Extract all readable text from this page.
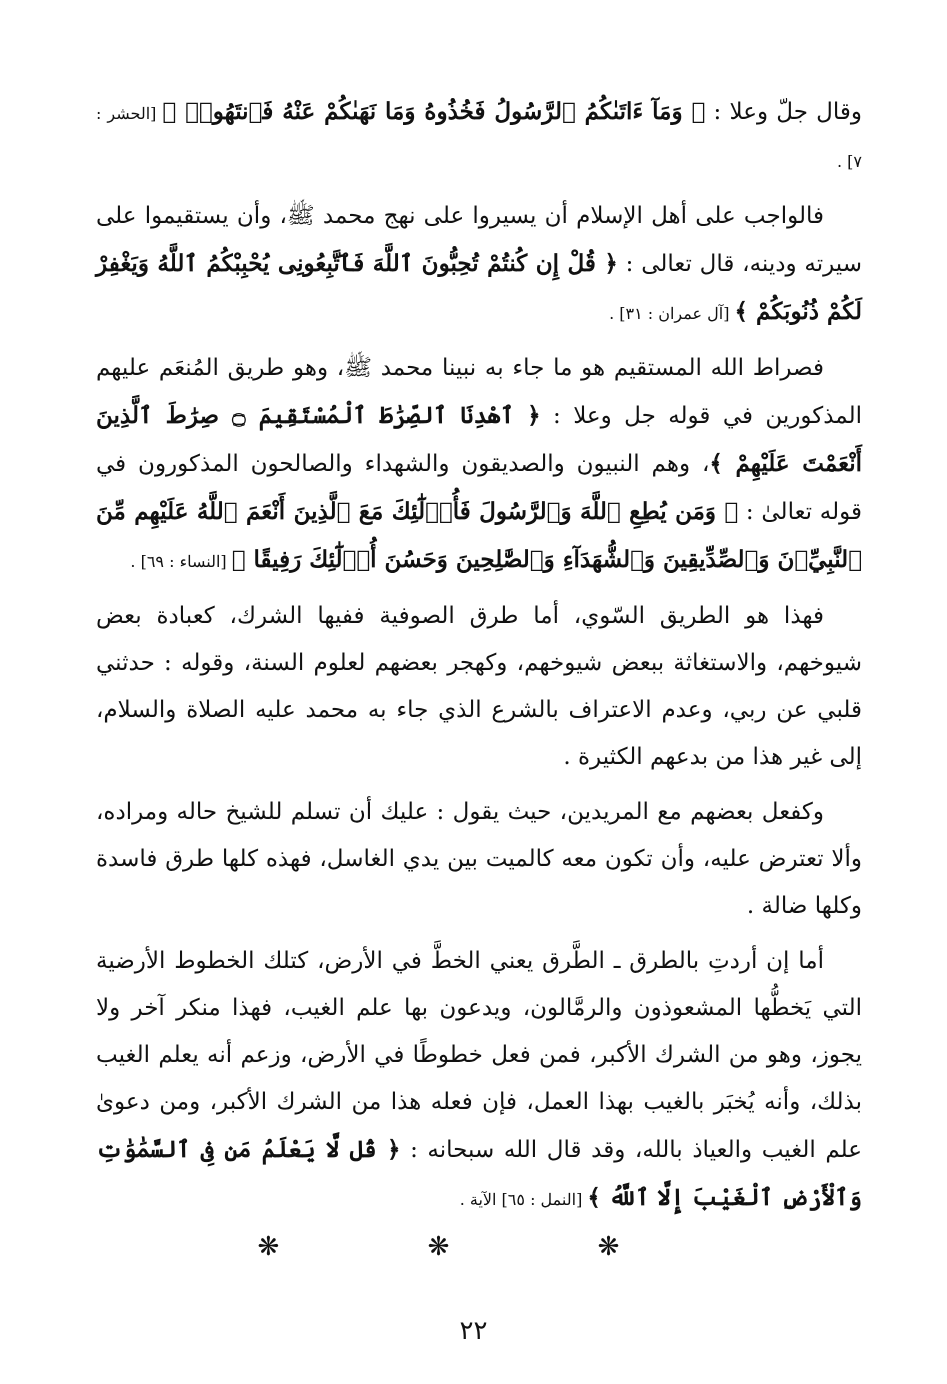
وقال جلّ وعلا : ﴿ وَمَآ ءَاتَىٰكُمُ ٱلرَّسُولُ فَخُذُوهُ وَمَا نَهَىٰكُمْ عَنْهُ فَٱنتَهُوا۟ ﴾ [الحشر : ٧] .

فالواجب على أهل الإسلام أن يسيروا على نهج محمد ﷺ، وأن يستقيموا على سيرته ودينه، قال تعالى : ﴿ قُلْ إِن كُنتُمْ تُحِبُّونَ ٱللَّهَ فَٱتَّبِعُونِى يُحْبِبْكُمُ ٱللَّهُ وَيَغْفِرْ لَكُمْ ذُنُوبَكُمْ ﴾ [آل عمران : ٣١] .

فصراط الله المستقيم هو ما جاء به نبينا محمد ﷺ، وهو طريق المُنعَم عليهم المذكورين في قوله جل وعلا : ﴿ ٱهْدِنَا ٱلصِّرَٰطَ ٱلْمُسْتَقِيمَ ۝ صِرَٰطَ ٱلَّذِينَ أَنْعَمْتَ عَلَيْهِمْ ﴾، وهم النبيون والصديقون والشهداء والصالحون المذكورون في قوله تعالىٰ : ﴿ وَمَن يُطِعِ ٱللَّهَ وَٱلرَّسُولَ فَأُو۟لَٰٓئِكَ مَعَ ٱلَّذِينَ أَنْعَمَ ٱللَّهُ عَلَيْهِم مِّنَ ٱلنَّبِيِّۦنَ وَٱلصِّدِّيقِينَ وَٱلشُّهَدَآءِ وَٱلصَّٰلِحِينَ وَحَسُنَ أُو۟لَٰٓئِكَ رَفِيقًا ﴾ [النساء : ٦٩] .

فهذا هو الطريق السّوي، أما طرق الصوفية ففيها الشرك، كعبادة بعض شيوخهم، والاستغاثة ببعض شيوخهم، وكهجر بعضهم لعلوم السنة، وقوله : حدثني قلبي عن ربي، وعدم الاعتراف بالشرع الذي جاء به محمد عليه الصلاة والسلام، إلى غير هذا من بدعهم الكثيرة .

وكفعل بعضهم مع المريدين، حيث يقول : عليك أن تسلم للشيخ حاله ومراده، وألا تعترض عليه، وأن تكون معه كالميت بين يدي الغاسل، فهذه كلها طرق فاسدة وكلها ضالة .

أما إن أردتِ بالطرق ـ الطَّرق يعني الخطَّ في الأرض، كتلك الخطوط الأرضية التي يَخطُّها المشعوذون والرمَّالون، ويدعون بها علم الغيب، فهذا منكر آخر ولا يجوز، وهو من الشرك الأكبر، فمن فعل خطوطًا في الأرض، وزعم أنه يعلم الغيب بذلك، وأنه يُخبَر بالغيب بهذا العمل، فإن فعله هذا من الشرك الأكبر، ومن دعوىٰ علم الغيب والعياذ بالله، وقد قال الله سبحانه : ﴿ قُل لَّا يَعْلَمُ مَن فِى ٱلسَّمَٰوَٰتِ وَٱلْأَرْضِ ٱلْغَيْبَ إِلَّا ٱللَّهُ ﴾ [النمل : ٦٥] الآية .

❋ ❋ ❋
٢٢
